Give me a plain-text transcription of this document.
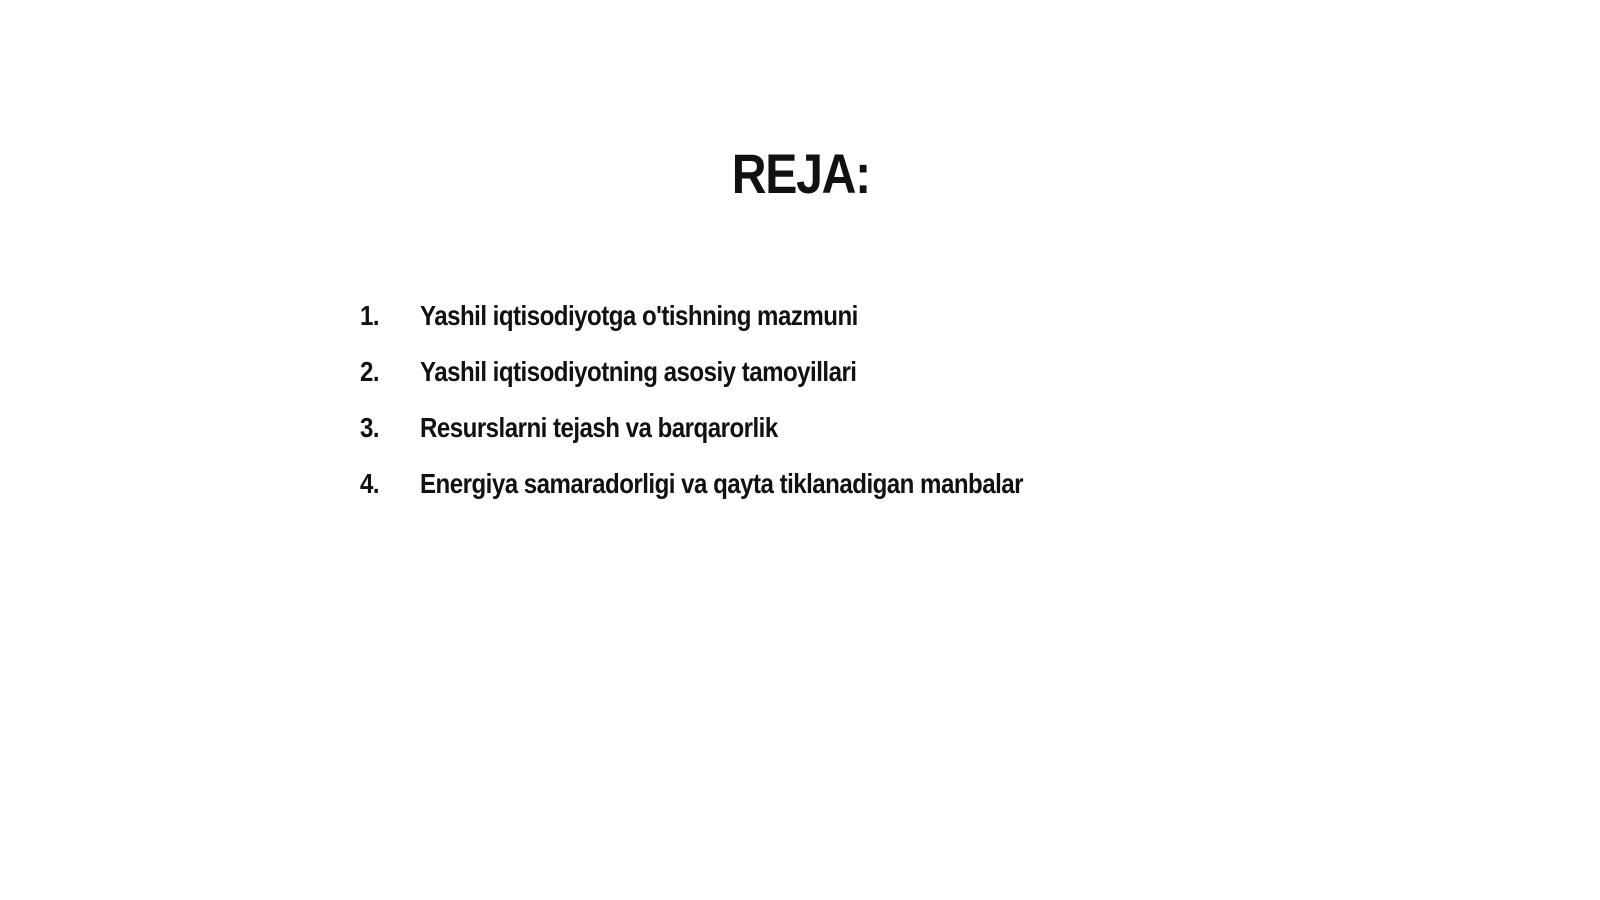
REJA:
1.	Yashil iqtisodiyotga o'tishning mazmuni
2.	Yashil iqtisodiyotning asosiy tamoyillari
3.	Resurslarni tejash va barqarorlik
4.	Energiya samaradorligi va qayta tiklanadigan manbalar
